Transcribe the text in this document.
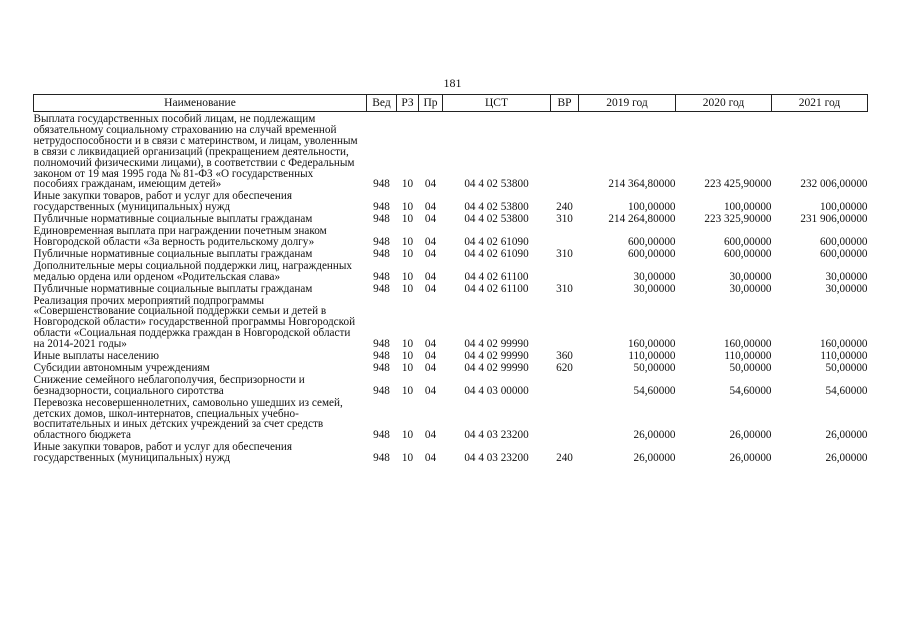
181
Наименование	Вед	РЗ	Пр	ЦСТ	ВР	2019 год	2020 год	2021 год
Выплата государственных пособий лицам, не подлежащим обязательному социальному страхованию на случай временной нетрудоспособности и в связи с материнством, и лицам, уволенным в связи с ликвидацией организаций (прекращением деятельности, полномочий физическими лицами), в соответствии с Федеральным законом от 19 мая 1995 года № 81-ФЗ «О государственных пособиях гражданам, имеющим детей»	948	10	04	04 4 02 53800		214 364,80000	223 425,90000	232 006,00000
Иные закупки товаров, работ и услуг для обеспечения государственных (муниципальных) нужд	948	10	04	04 4 02 53800	240	100,00000	100,00000	100,00000
Публичные нормативные социальные выплаты гражданам	948	10	04	04 4 02 53800	310	214 264,80000	223 325,90000	231 906,00000
Единовременная выплата при награждении почетным знаком Новгородской области «За верность родительскому долгу»	948	10	04	04 4 02 61090		600,00000	600,00000	600,00000
Публичные нормативные социальные выплаты гражданам	948	10	04	04 4 02 61090	310	600,00000	600,00000	600,00000
Дополнительные меры социальной поддержки лиц, награжденных медалью ордена или орденом «Родительская слава»	948	10	04	04 4 02 61100		30,00000	30,00000	30,00000
Публичные нормативные социальные выплаты гражданам	948	10	04	04 4 02 61100	310	30,00000	30,00000	30,00000
Реализация прочих мероприятий подпрограммы «Совершенствование социальной поддержки семьи и детей в Новгородской области» государственной программы Новгородской области «Социальная поддержка граждан в Новгородской области на 2014-2021 годы»	948	10	04	04 4 02 99990		160,00000	160,00000	160,00000
Иные выплаты населению	948	10	04	04 4 02 99990	360	110,00000	110,00000	110,00000
Субсидии автономным учреждениям	948	10	04	04 4 02 99990	620	50,00000	50,00000	50,00000
Снижение семейного неблагополучия, беспризорности и безнадзорности, социального сиротства	948	10	04	04 4 03 00000		54,60000	54,60000	54,60000
Перевозка несовершеннолетних, самовольно ушедших из семей, детских домов, школ-интернатов, специальных учебно-воспитательных и иных детских учреждений за счет средств областного бюджета	948	10	04	04 4 03 23200		26,00000	26,00000	26,00000
Иные закупки товаров, работ и услуг для обеспечения государственных (муниципальных) нужд	948	10	04	04 4 03 23200	240	26,00000	26,00000	26,00000
